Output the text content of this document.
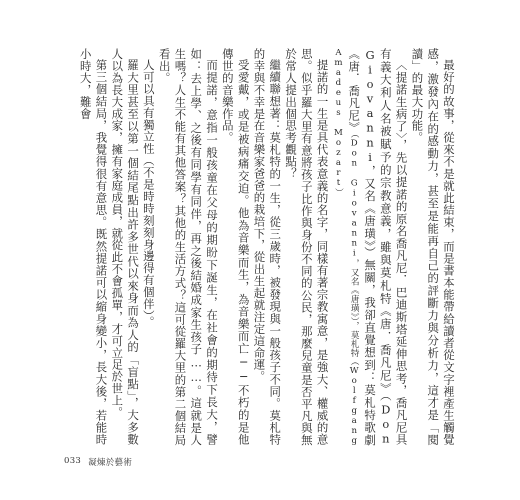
最好的故事，從來不是就此結束，而是書本能帶給讀者從文字裡產生觸覺感，激發內在的感動力，甚至是能再自己的評斷力與分析力，這才是「閱讀」的最大功能。

〈提諾生病了〉，先以提諾的原名喬凡尼．巴迪斯塔延伸思考，喬凡尼具有義大利人名被賦予的宗教意義，雖與莫札特《唐．喬凡尼》（Don Giovanni，又名《唐璜》）無關，我卻直覺想到：莫札特歌劇《唐．喬凡尼》（Don Giovanni，又名《唐璜》），莫札特（Wolfgang Amadeus Mozart）

提諾的一生是具代表意義的名字，同樣有著宗教寓意，是強大、權威的意思。似乎羅大里有意將孩子比作與身份不同的公民，那麼兒童是否平凡與無於常人提出個思考觀點？

繼續聯想著：莫札特的一生，從三歲時，被發現與一般孩子不同。莫札特的幸與不幸是在音樂家爸爸的栽培下，從出生起就注定這命運。

受愛戴，或是被病痛交迫。他為音樂而生，為音樂而亡──不朽的是他傳世的音樂作品。

而提諾，意指一般孩童在父母的期盼下誕生，在社會的期待下長大，譬如：去上學、之後有同學有同伴，再之後結婚成家生孩子……。這就是人生嗎？人生不能有其他答案？其他的生活方式？這可從羅大里的第二個結局看出。

人可以具有獨立性（不是時時刻刻身邊得有個伴）。

羅大里甚至以第一個結尾點出許多世代以來身而為人的「盲點」，大多數人以為長大成家，擁有家庭成員，就從此不會孤單，才可立足於世上。

第三個結局，我覺得很有意思。既然提諾可以縮身變小，長大後，若能時小時大，難會

033 凝煉於藝術
